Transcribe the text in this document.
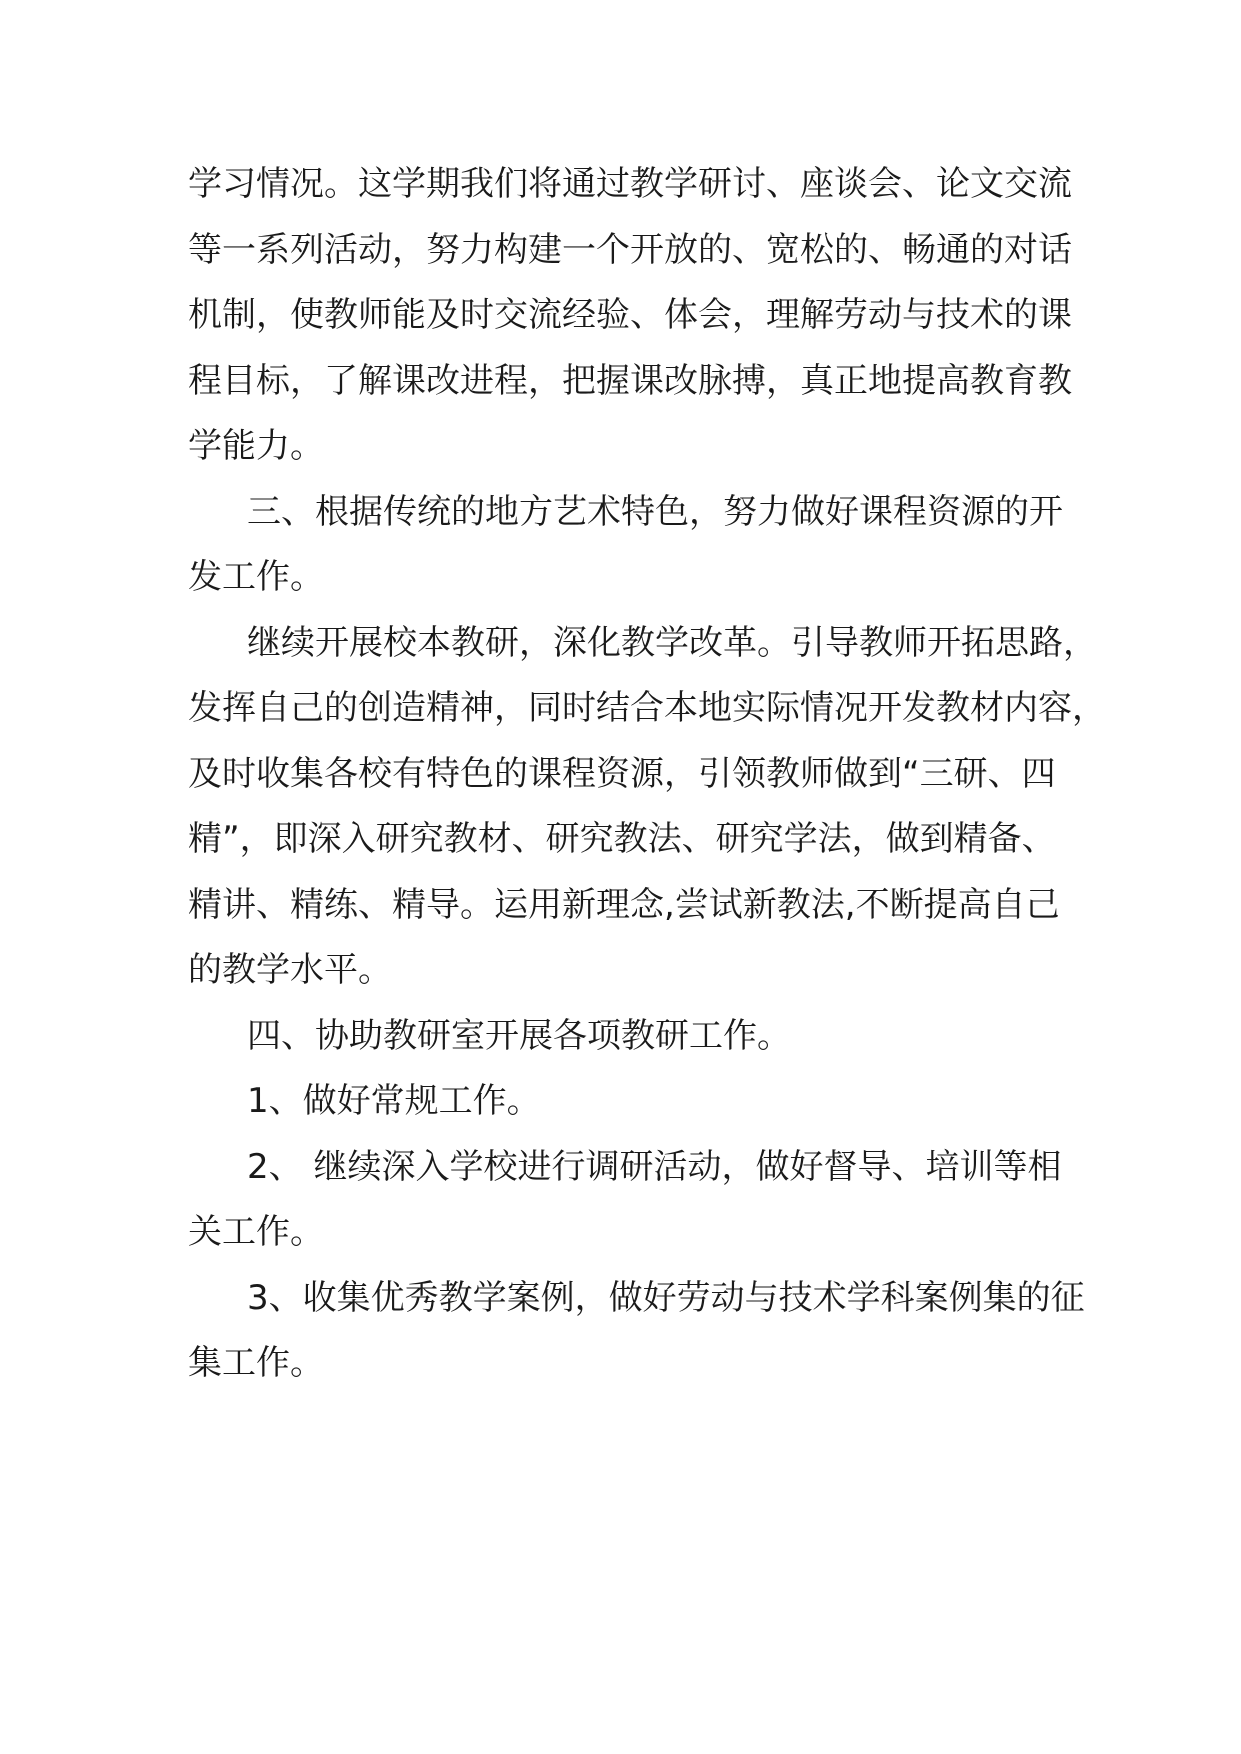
学习情况。这学期我们将通过教学研讨、座谈会、论文交流
等一系列活动，努力构建一个开放的、宽松的、畅通的对话
机制，使教师能及时交流经验、体会，理解劳动与技术的课
程目标，了解课改进程，把握课改脉搏，真正地提高教育教
学能力。
三、根据传统的地方艺术特色，努力做好课程资源的开
发工作。
继续开展校本教研，深化教学改革。引导教师开拓思路，
发挥自己的创造精神，同时结合本地实际情况开发教材内容，
及时收集各校有特色的课程资源，引领教师做到“三研、四
精”，即深入研究教材、研究教法、研究学法，做到精备、
精讲、精练、精导。运用新理念,尝试新教法,不断提高自己
的教学水平。
四、协助教研室开展各项教研工作。
1、做好常规工作。
2、 继续深入学校进行调研活动，做好督导、培训等相
关工作。
3、收集优秀教学案例，做好劳动与技术学科案例集的征
集工作。
